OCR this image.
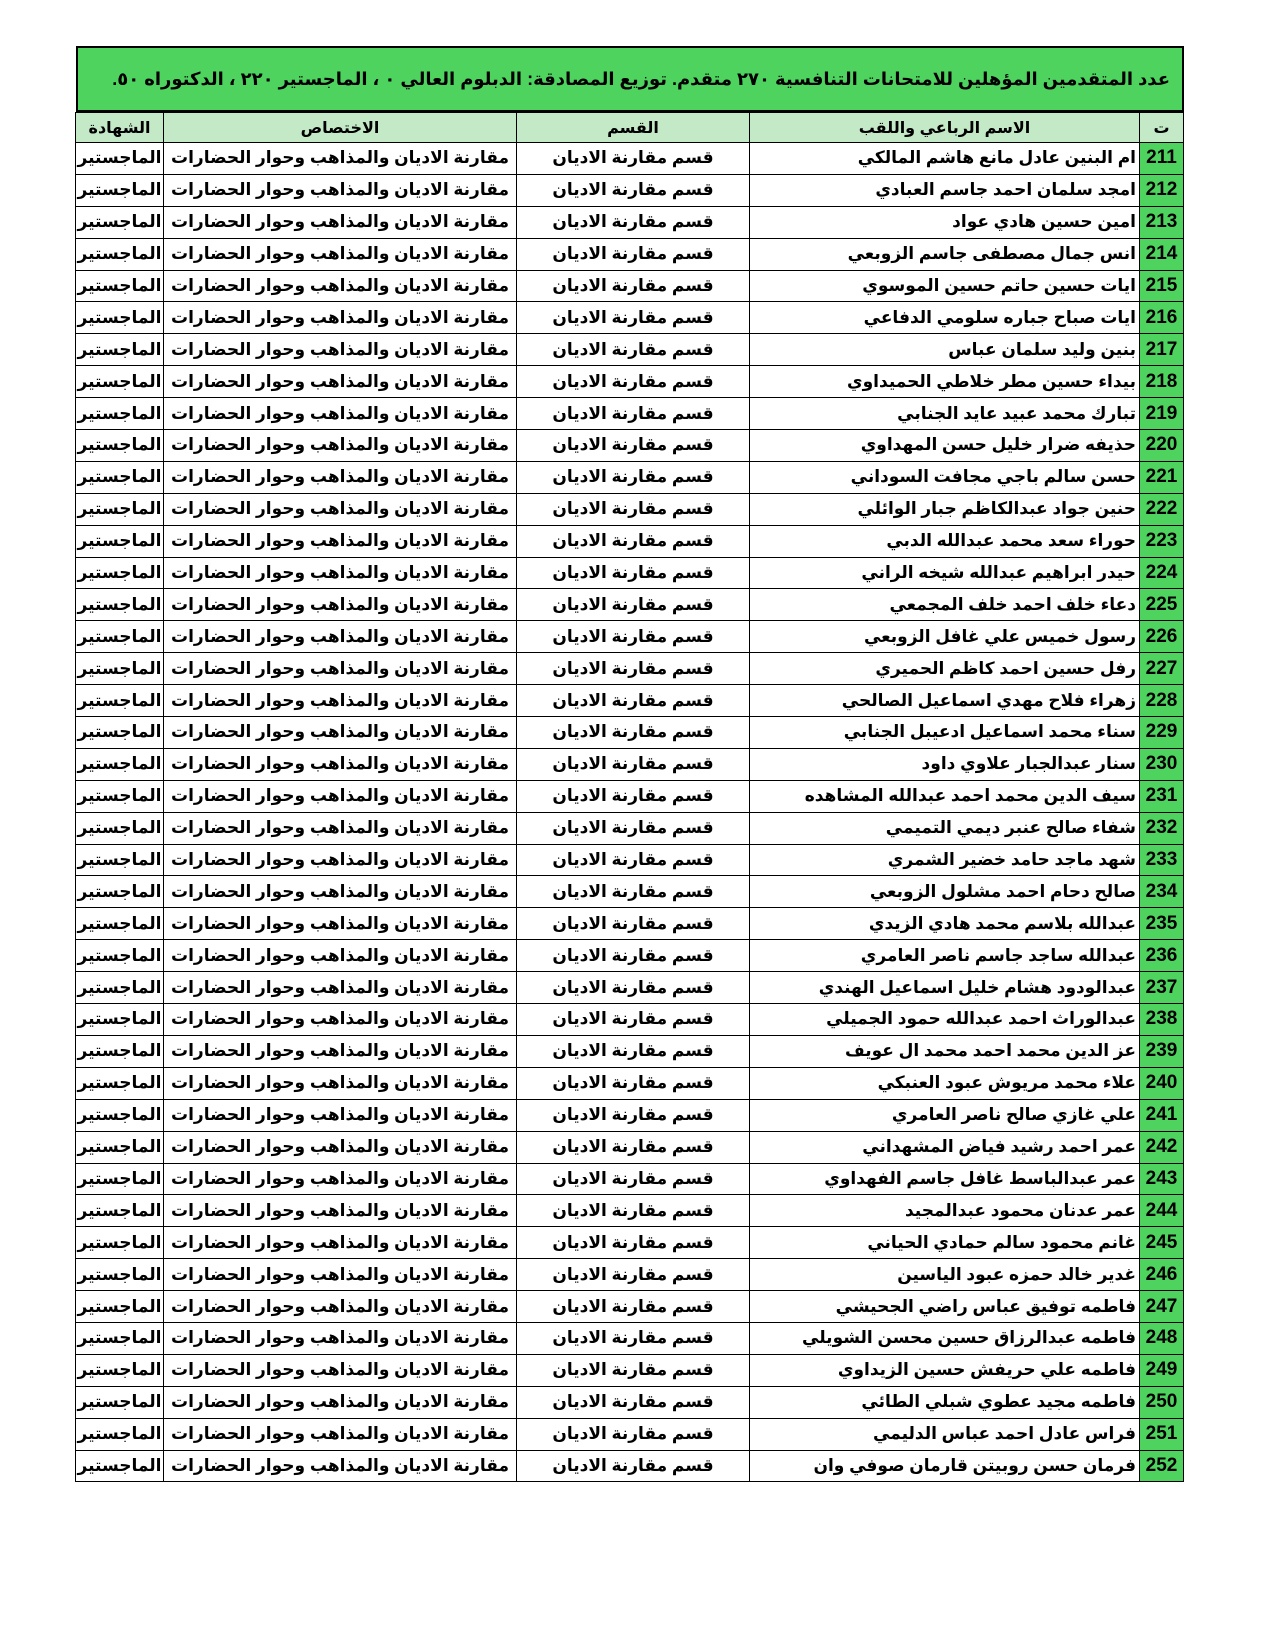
عدد المتقدمين المؤهلين للامتحانات التنافسية ٢٧٠ متقدم. توزيع المصادقة: الدبلوم العالي ٠ ، الماجستير ٢٢٠ ، الدكتوراه ٥٠.
ت	الاسم الرباعي واللقب	القسم	الاختصاص	الشهادة
211	ام البنين عادل مانع هاشم المالكي	قسم مقارنة الاديان	مقارنة الاديان والمذاهب وحوار الحضارات	الماجستير
212	امجد سلمان احمد جاسم العبادي	قسم مقارنة الاديان	مقارنة الاديان والمذاهب وحوار الحضارات	الماجستير
213	امين حسين هادي عواد	قسم مقارنة الاديان	مقارنة الاديان والمذاهب وحوار الحضارات	الماجستير
214	انس جمال مصطفى جاسم الزوبعي	قسم مقارنة الاديان	مقارنة الاديان والمذاهب وحوار الحضارات	الماجستير
215	ايات حسين حاتم حسين الموسوي	قسم مقارنة الاديان	مقارنة الاديان والمذاهب وحوار الحضارات	الماجستير
216	ايات صباح جباره سلومي الدفاعي	قسم مقارنة الاديان	مقارنة الاديان والمذاهب وحوار الحضارات	الماجستير
217	بنين وليد سلمان عباس	قسم مقارنة الاديان	مقارنة الاديان والمذاهب وحوار الحضارات	الماجستير
218	بيداء حسين مطر خلاطي الحميداوي	قسم مقارنة الاديان	مقارنة الاديان والمذاهب وحوار الحضارات	الماجستير
219	تبارك محمد عبيد عايد الجنابي	قسم مقارنة الاديان	مقارنة الاديان والمذاهب وحوار الحضارات	الماجستير
220	حذيفه ضرار خليل حسن المهداوي	قسم مقارنة الاديان	مقارنة الاديان والمذاهب وحوار الحضارات	الماجستير
221	حسن سالم باجي مجافت السوداني	قسم مقارنة الاديان	مقارنة الاديان والمذاهب وحوار الحضارات	الماجستير
222	حنين جواد عبدالكاظم جبار الوائلي	قسم مقارنة الاديان	مقارنة الاديان والمذاهب وحوار الحضارات	الماجستير
223	حوراء سعد محمد عبدالله الدبي	قسم مقارنة الاديان	مقارنة الاديان والمذاهب وحوار الحضارات	الماجستير
224	حيدر ابراهيم عبدالله شيخه الراني	قسم مقارنة الاديان	مقارنة الاديان والمذاهب وحوار الحضارات	الماجستير
225	دعاء خلف احمد خلف المجمعي	قسم مقارنة الاديان	مقارنة الاديان والمذاهب وحوار الحضارات	الماجستير
226	رسول خميس علي غافل الزوبعي	قسم مقارنة الاديان	مقارنة الاديان والمذاهب وحوار الحضارات	الماجستير
227	رفل حسين احمد كاظم الحميري	قسم مقارنة الاديان	مقارنة الاديان والمذاهب وحوار الحضارات	الماجستير
228	زهراء فلاح مهدي اسماعيل الصالحي	قسم مقارنة الاديان	مقارنة الاديان والمذاهب وحوار الحضارات	الماجستير
229	سناء محمد اسماعيل ادعيبل الجنابي	قسم مقارنة الاديان	مقارنة الاديان والمذاهب وحوار الحضارات	الماجستير
230	سنار عبدالجبار علاوي داود	قسم مقارنة الاديان	مقارنة الاديان والمذاهب وحوار الحضارات	الماجستير
231	سيف الدين محمد احمد عبدالله المشاهده	قسم مقارنة الاديان	مقارنة الاديان والمذاهب وحوار الحضارات	الماجستير
232	شفاء صالح عنبر ديمي التميمي	قسم مقارنة الاديان	مقارنة الاديان والمذاهب وحوار الحضارات	الماجستير
233	شهد ماجد حامد خضير الشمري	قسم مقارنة الاديان	مقارنة الاديان والمذاهب وحوار الحضارات	الماجستير
234	صالح دحام احمد مشلول الزوبعي	قسم مقارنة الاديان	مقارنة الاديان والمذاهب وحوار الحضارات	الماجستير
235	عبدالله بلاسم محمد هادي الزيدي	قسم مقارنة الاديان	مقارنة الاديان والمذاهب وحوار الحضارات	الماجستير
236	عبدالله ساجد جاسم ناصر العامري	قسم مقارنة الاديان	مقارنة الاديان والمذاهب وحوار الحضارات	الماجستير
237	عبدالودود هشام خليل اسماعيل الهندي	قسم مقارنة الاديان	مقارنة الاديان والمذاهب وحوار الحضارات	الماجستير
238	عبدالوراث احمد عبدالله حمود الجميلي	قسم مقارنة الاديان	مقارنة الاديان والمذاهب وحوار الحضارات	الماجستير
239	عز الدين محمد احمد محمد ال عويف	قسم مقارنة الاديان	مقارنة الاديان والمذاهب وحوار الحضارات	الماجستير
240	علاء محمد مريوش عبود العنبكي	قسم مقارنة الاديان	مقارنة الاديان والمذاهب وحوار الحضارات	الماجستير
241	علي غازي صالح ناصر العامري	قسم مقارنة الاديان	مقارنة الاديان والمذاهب وحوار الحضارات	الماجستير
242	عمر احمد رشيد فياض المشهداني	قسم مقارنة الاديان	مقارنة الاديان والمذاهب وحوار الحضارات	الماجستير
243	عمر عبدالباسط غافل جاسم الفهداوي	قسم مقارنة الاديان	مقارنة الاديان والمذاهب وحوار الحضارات	الماجستير
244	عمر عدنان محمود عبدالمجيد	قسم مقارنة الاديان	مقارنة الاديان والمذاهب وحوار الحضارات	الماجستير
245	غانم محمود سالم حمادي الحياني	قسم مقارنة الاديان	مقارنة الاديان والمذاهب وحوار الحضارات	الماجستير
246	غدير خالد حمزه عبود الياسين	قسم مقارنة الاديان	مقارنة الاديان والمذاهب وحوار الحضارات	الماجستير
247	فاطمه توفيق عباس راضي الجحيشي	قسم مقارنة الاديان	مقارنة الاديان والمذاهب وحوار الحضارات	الماجستير
248	فاطمه عبدالرزاق حسين محسن الشويلي	قسم مقارنة الاديان	مقارنة الاديان والمذاهب وحوار الحضارات	الماجستير
249	فاطمه علي حريفش حسين الزيداوي	قسم مقارنة الاديان	مقارنة الاديان والمذاهب وحوار الحضارات	الماجستير
250	فاطمه مجيد عطوي شبلي الطائي	قسم مقارنة الاديان	مقارنة الاديان والمذاهب وحوار الحضارات	الماجستير
251	فراس عادل احمد عباس الدليمي	قسم مقارنة الاديان	مقارنة الاديان والمذاهب وحوار الحضارات	الماجستير
252	فرمان حسن روبيتن قارمان صوفي وان	قسم مقارنة الاديان	مقارنة الاديان والمذاهب وحوار الحضارات	الماجستير
